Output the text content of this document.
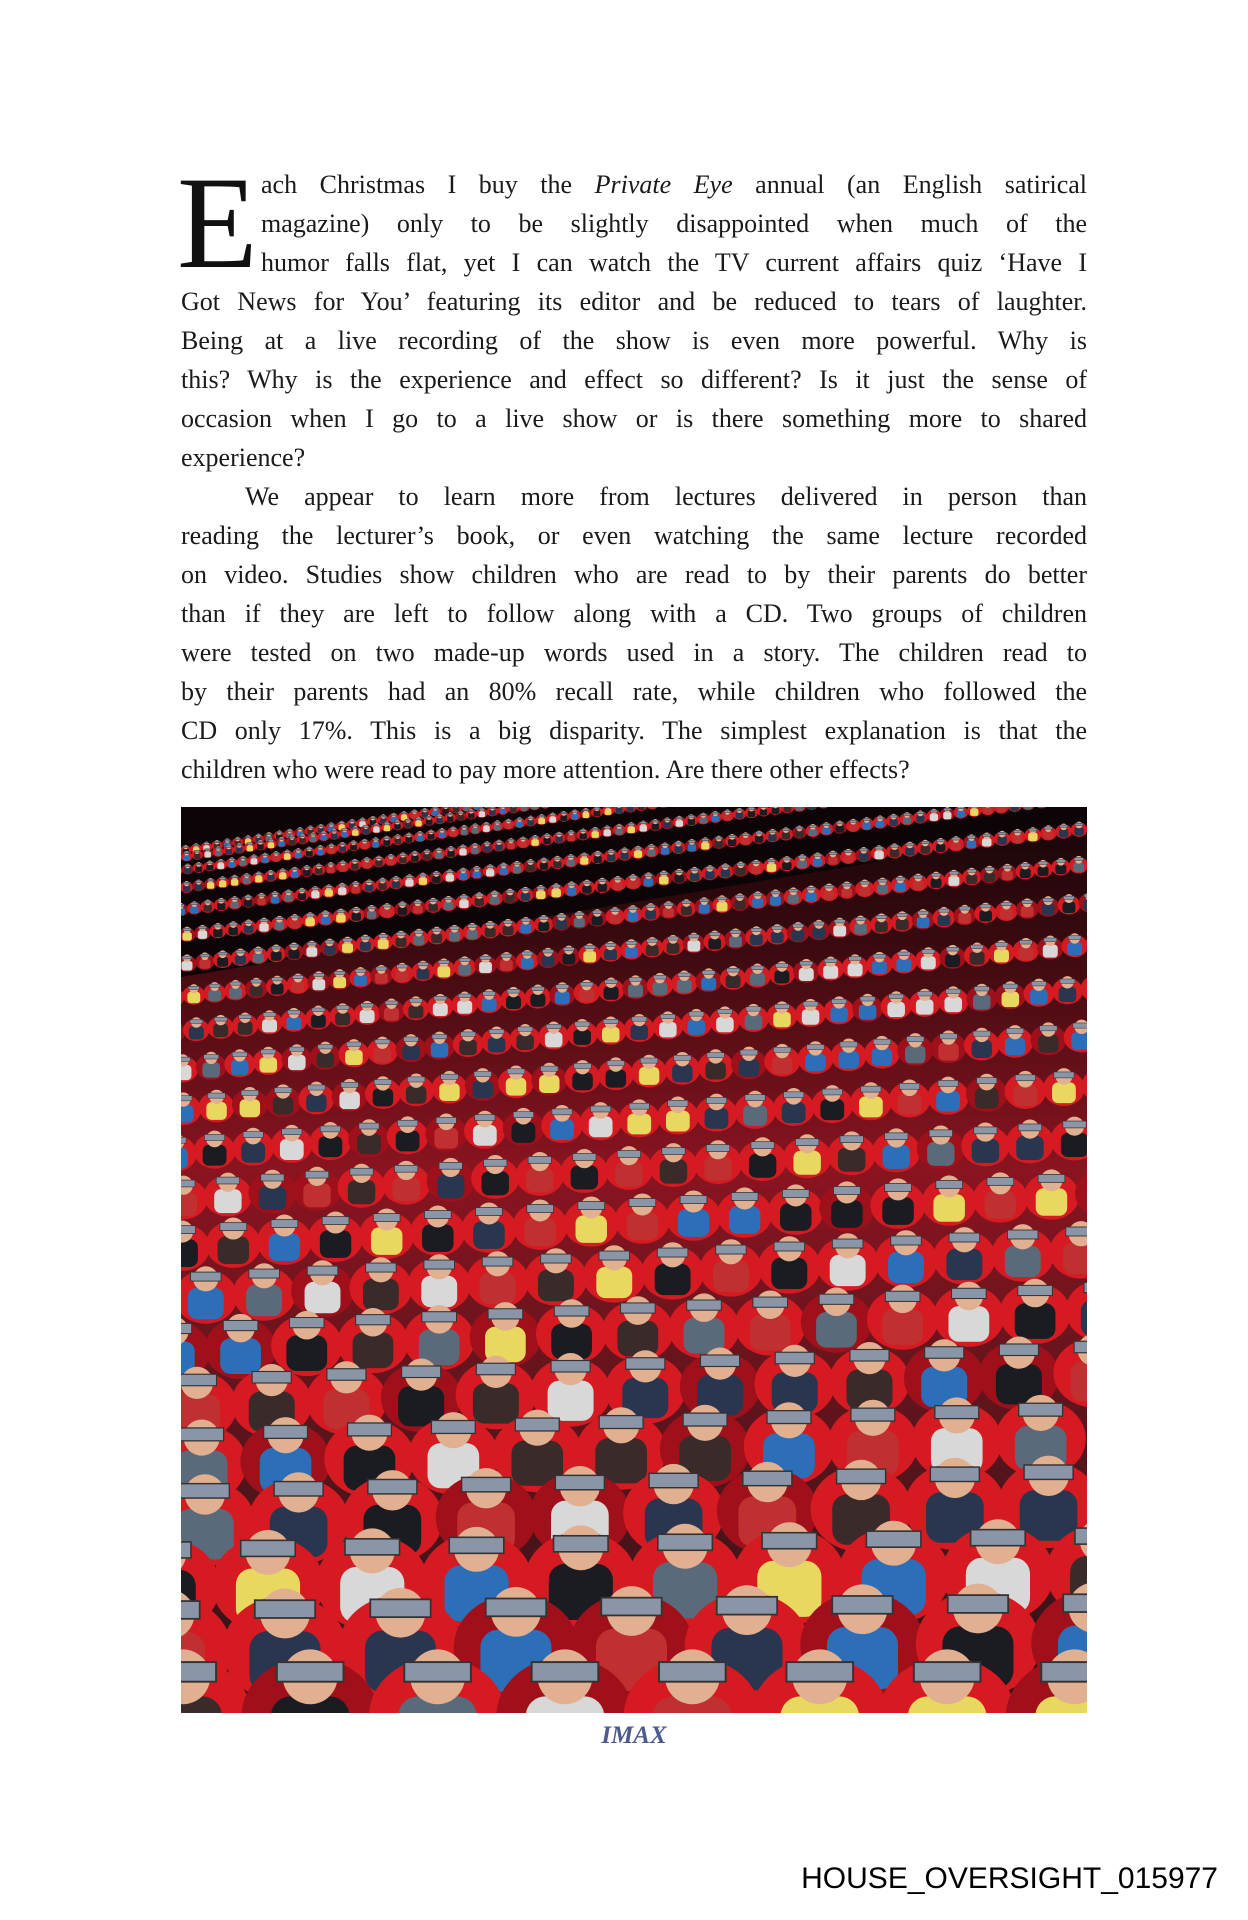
E ach Christmas I buy the Private Eye annual (an English satirical
magazine) only to be slightly disappointed when much of the
humor falls flat, yet I can watch the TV current affairs quiz ‘Have I
Got News for You’ featuring its editor and be reduced to tears of laughter.
Being at a live recording of the show is even more powerful. Why is
this? Why is the experience and effect so different? Is it just the sense of
occasion when I go to a live show or is there something more to shared
experience?
We appear to learn more from lectures delivered in person than
reading the lecturer’s book, or even watching the same lecture recorded
on video. Studies show children who are read to by their parents do better
than if they are left to follow along with a CD. Two groups of children
were tested on two made-up words used in a story. The children read to
by their parents had an 80% recall rate, while children who followed the
CD only 17%. This is a big disparity. The simplest explanation is that the
children who were read to pay more attention. Are there other effects?
IMAX
HOUSE_OVERSIGHT_015977
